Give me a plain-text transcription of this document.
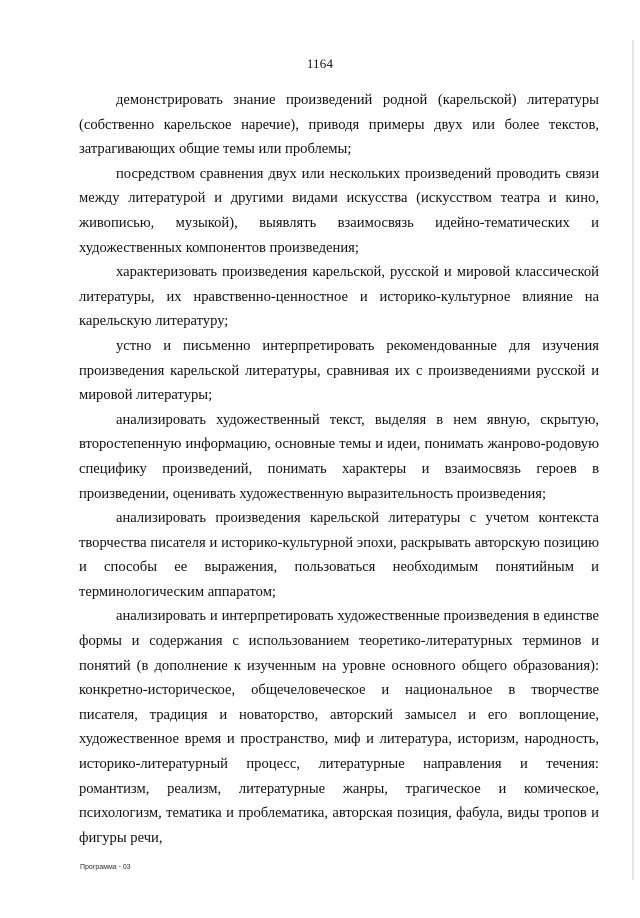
1164

демонстрировать знание произведений родной (карельской) литературы (собственно карельское наречие), приводя примеры двух или более текстов, затрагивающих общие темы или проблемы;

посредством сравнения двух или нескольких произведений проводить связи между литературой и другими видами искусства (искусством театра и кино, живописью, музыкой), выявлять взаимосвязь идейно-тематических и художественных компонентов произведения;

характеризовать произведения карельской, русской и мировой классической литературы, их нравственно-ценностное и историко-культурное влияние на карельскую литературу;

устно и письменно интерпретировать рекомендованные для изучения произведения карельской литературы, сравнивая их с произведениями русской и мировой литературы;

анализировать художественный текст, выделяя в нем явную, скрытую, второстепенную информацию, основные темы и идеи, понимать жанрово-родовую специфику произведений, понимать характеры и взаимосвязь героев в произведении, оценивать художественную выразительность произведения;

анализировать произведения карельской литературы с учетом контекста творчества писателя и историко-культурной эпохи, раскрывать авторскую позицию и способы ее выражения, пользоваться необходимым понятийным и терминологическим аппаратом;

анализировать и интерпретировать художественные произведения в единстве формы и содержания с использованием теоретико-литературных терминов и понятий (в дополнение к изученным на уровне основного общего образования): конкретно-историческое, общечеловеческое и национальное в творчестве писателя, традиция и новаторство, авторский замысел и его воплощение, художественное время и пространство, миф и литература, историзм, народность, историко-литературный процесс, литературные направления и течения: романтизм, реализм, литературные жанры, трагическое и комическое, психологизм, тематика и проблематика, авторская позиция, фабула, виды тропов и фигуры речи,

Программа - 03
